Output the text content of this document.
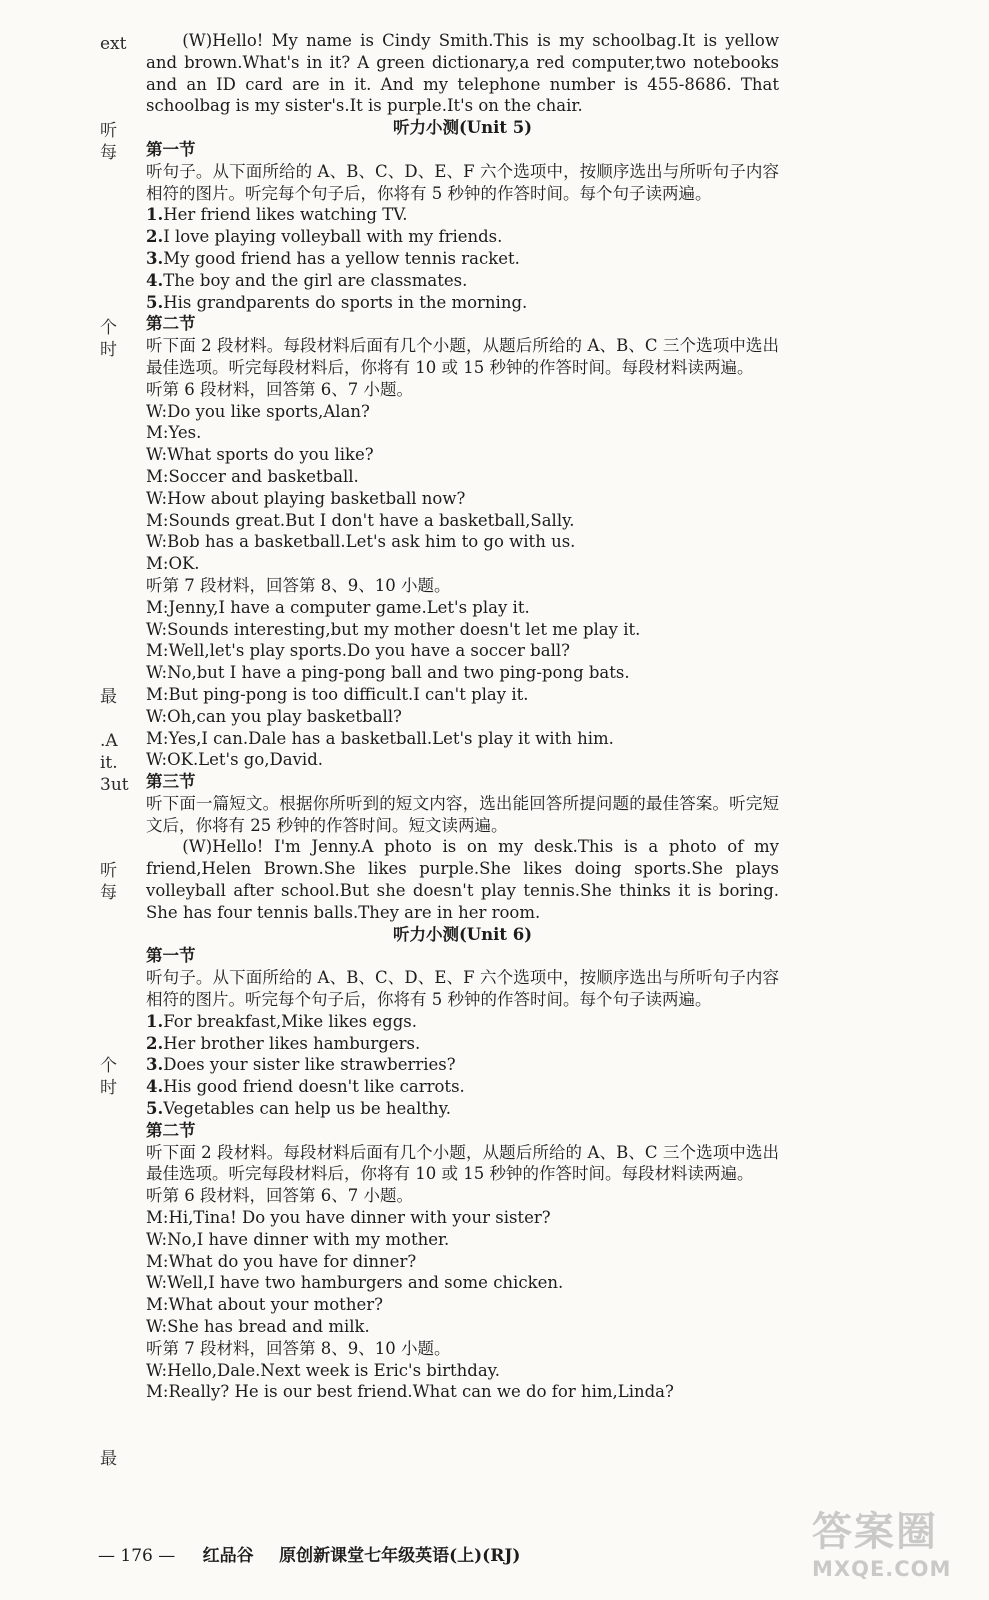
ext
听
每
个
时
最
.A
it.
3ut
听
每
个
时
最

(W)Hello! My name is Cindy Smith.This is my schoolbag.It is yellow and brown.What's in it? A green dictionary,a red computer,two notebooks and an ID card are in it. And my telephone number is 455-8686. That schoolbag is my sister's.It is purple.It's on the chair.

听力小测(Unit 5)

第一节

听句子。从下面所给的 A、B、C、D、E、F 六个选项中，按顺序选出与所听句子内容相符的图片。听完每个句子后，你将有 5 秒钟的作答时间。每个句子读两遍。

1.Her friend likes watching TV.

2.I love playing volleyball with my friends.

3.My good friend has a yellow tennis racket.

4.The boy and the girl are classmates.

5.His grandparents do sports in the morning.

第二节

听下面 2 段材料。每段材料后面有几个小题，从题后所给的 A、B、C 三个选项中选出最佳选项。听完每段材料后，你将有 10 或 15 秒钟的作答时间。每段材料读两遍。

听第 6 段材料，回答第 6、7 小题。

W:Do you like sports,Alan?

M:Yes.

W:What sports do you like?

M:Soccer and basketball.

W:How about playing basketball now?

M:Sounds great.But I don't have a basketball,Sally.

W:Bob has a basketball.Let's ask him to go with us.

M:OK.

听第 7 段材料，回答第 8、9、10 小题。

M:Jenny,I have a computer game.Let's play it.

W:Sounds interesting,but my mother doesn't let me play it.

M:Well,let's play sports.Do you have a soccer ball?

W:No,but I have a ping-pong ball and two ping-pong bats.

M:But ping-pong is too difficult.I can't play it.

W:Oh,can you play basketball?

M:Yes,I can.Dale has a basketball.Let's play it with him.

W:OK.Let's go,David.

第三节

听下面一篇短文。根据你所听到的短文内容，选出能回答所提问题的最佳答案。听完短文后，你将有 25 秒钟的作答时间。短文读两遍。

(W)Hello! I'm Jenny.A photo is on my desk.This is a photo of my friend,Helen Brown.She likes purple.She likes doing sports.She plays volleyball after school.But she doesn't play tennis.She thinks it is boring. She has four tennis balls.They are in her room.

听力小测(Unit 6)

第一节

听句子。从下面所给的 A、B、C、D、E、F 六个选项中，按顺序选出与所听句子内容相符的图片。听完每个句子后，你将有 5 秒钟的作答时间。每个句子读两遍。

1.For breakfast,Mike likes eggs.

2.Her brother likes hamburgers.

3.Does your sister like strawberries?

4.His good friend doesn't like carrots.

5.Vegetables can help us be healthy.

第二节

听下面 2 段材料。每段材料后面有几个小题，从题后所给的 A、B、C 三个选项中选出最佳选项。听完每段材料后，你将有 10 或 15 秒钟的作答时间。每段材料读两遍。

听第 6 段材料，回答第 6、7 小题。

M:Hi,Tina! Do you have dinner with your sister?

W:No,I have dinner with my mother.

M:What do you have for dinner?

W:Well,I have two hamburgers and some chicken.

M:What about your mother?

W:She has bread and milk.

听第 7 段材料，回答第 8、9、10 小题。

W:Hello,Dale.Next week is Eric's birthday.

M:Really? He is our best friend.What can we do for him,Linda?

— 176 — 红品谷 原创新课堂七年级英语(上)(RJ)
答案圈
MXQE.COM
